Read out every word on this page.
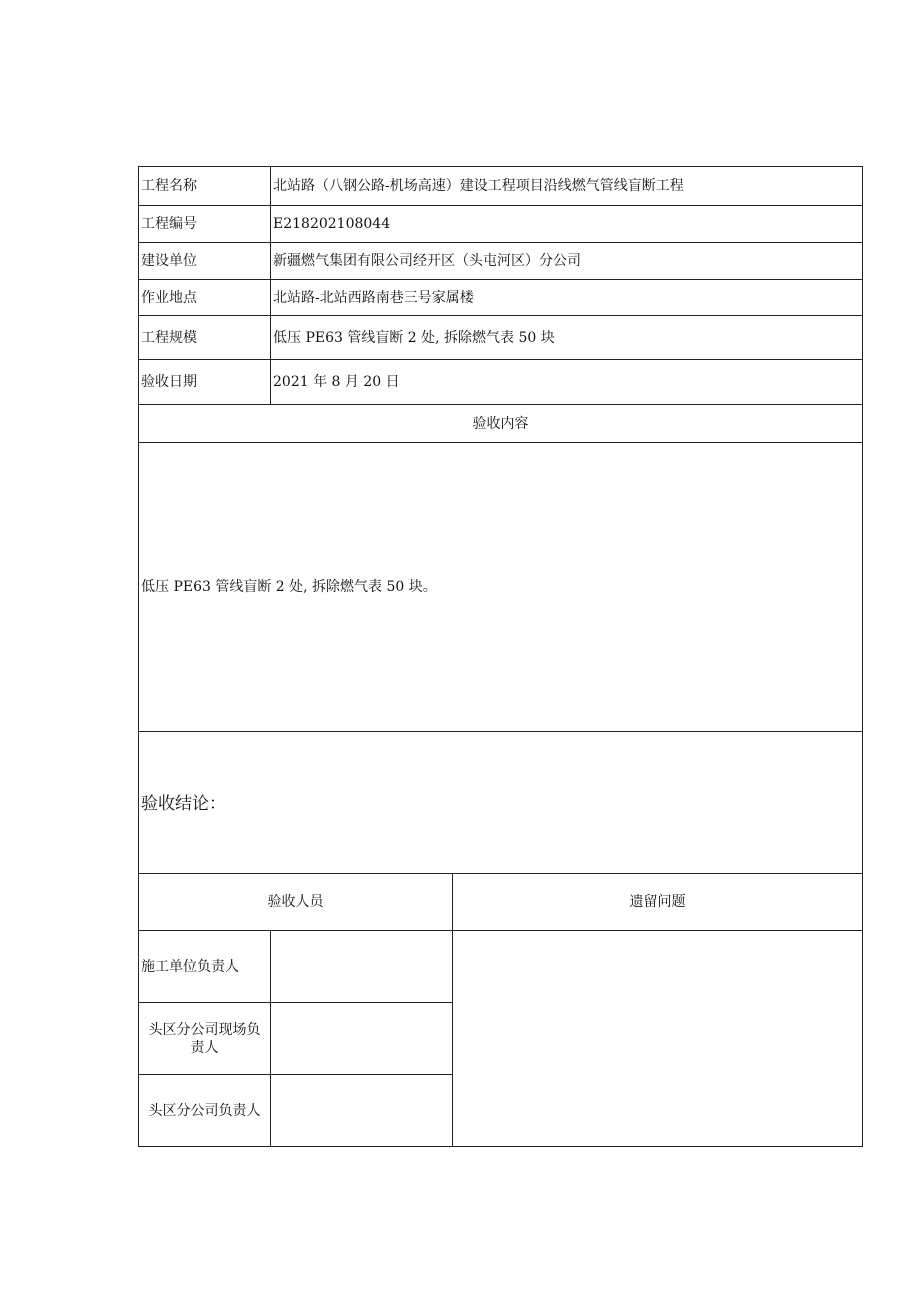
工程名称	北站路（八钢公路-机场高速）建设工程项目沿线燃气管线盲断工程	
工程编号	E218202108044	
建设单位	新疆燃气集团有限公司经开区（头屯河区）分公司	
作业地点	北站路-北站西路南巷三号家属楼	
工程规模	低压 PE63 管线盲断 2 处, 拆除燃气表 50 块	
验收日期	2021 年 8 月 20 日	
验收内容		
低压 PE63 管线盲断 2 处, 拆除燃气表 50 块。		
验收结论：		
验收人员		遗留问题
施工单位负责人		
头区分公司现场负
责人		
头区分公司负责人		
